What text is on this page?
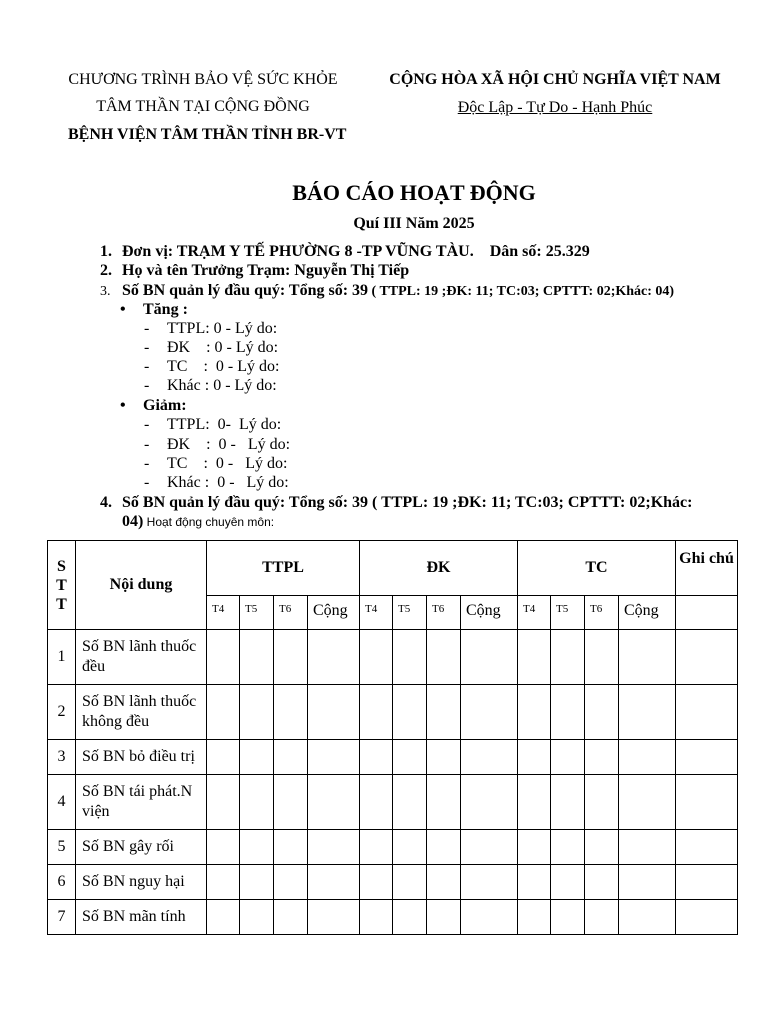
CHƯƠNG TRÌNH BẢO VỆ SỨC KHỎE
TÂM THẦN TẠI CỘNG ĐỒNG
BỆNH VIỆN TÂM THẦN TỈNH BR-VT
CỘNG HÒA XÃ HỘI CHỦ NGHĨA VIỆT NAM
Độc Lập - Tự Do - Hạnh Phúc
BÁO CÁO HOẠT ĐỘNG
Quí III Năm 2025
1. Đơn vị: TRẠM Y TẾ PHƯỜNG 8 -TP VŨNG TÀU.    Dân số: 25.329
2. Họ và tên Trưởng Trạm: Nguyễn Thị Tiếp
3. Số BN quản lý đầu quý: Tổng số: 39 ( TTPL: 19 ;ĐK: 11; TC:03; CPTTT: 02;Khác: 04)
• Tăng :
- TTPL: 0 - Lý do:
- ĐK    : 0 - Lý do:
- TC    :  0 - Lý do:
- Khác : 0 - Lý do:
• Giảm:
- TTPL:  0-  Lý do:
- ĐK    :  0 -   Lý do:
- TC    :  0 -   Lý do:
- Khác :  0 -   Lý do:
4. Số BN quản lý đầu quý: Tổng số: 39 ( TTPL: 19 ;ĐK: 11; TC:03; CPTTT: 02;Khác:
04) Hoạt động chuyên môn:
S
T
T	Nội dung	TTPL				ĐK				TC				Ghi chú
		T4	T5	T6	Cộng	T4	T5	T6	Cộng	T4	T5	T6	Cộng	
1	Số BN lãnh thuốc đều													
2	Số BN lãnh thuốc không đều													
3	Số BN bỏ điều trị													
4	Số BN tái phát.N viện													
5	Số BN gây rối													
6	Số BN nguy hại													
7	Số BN mãn tính													
